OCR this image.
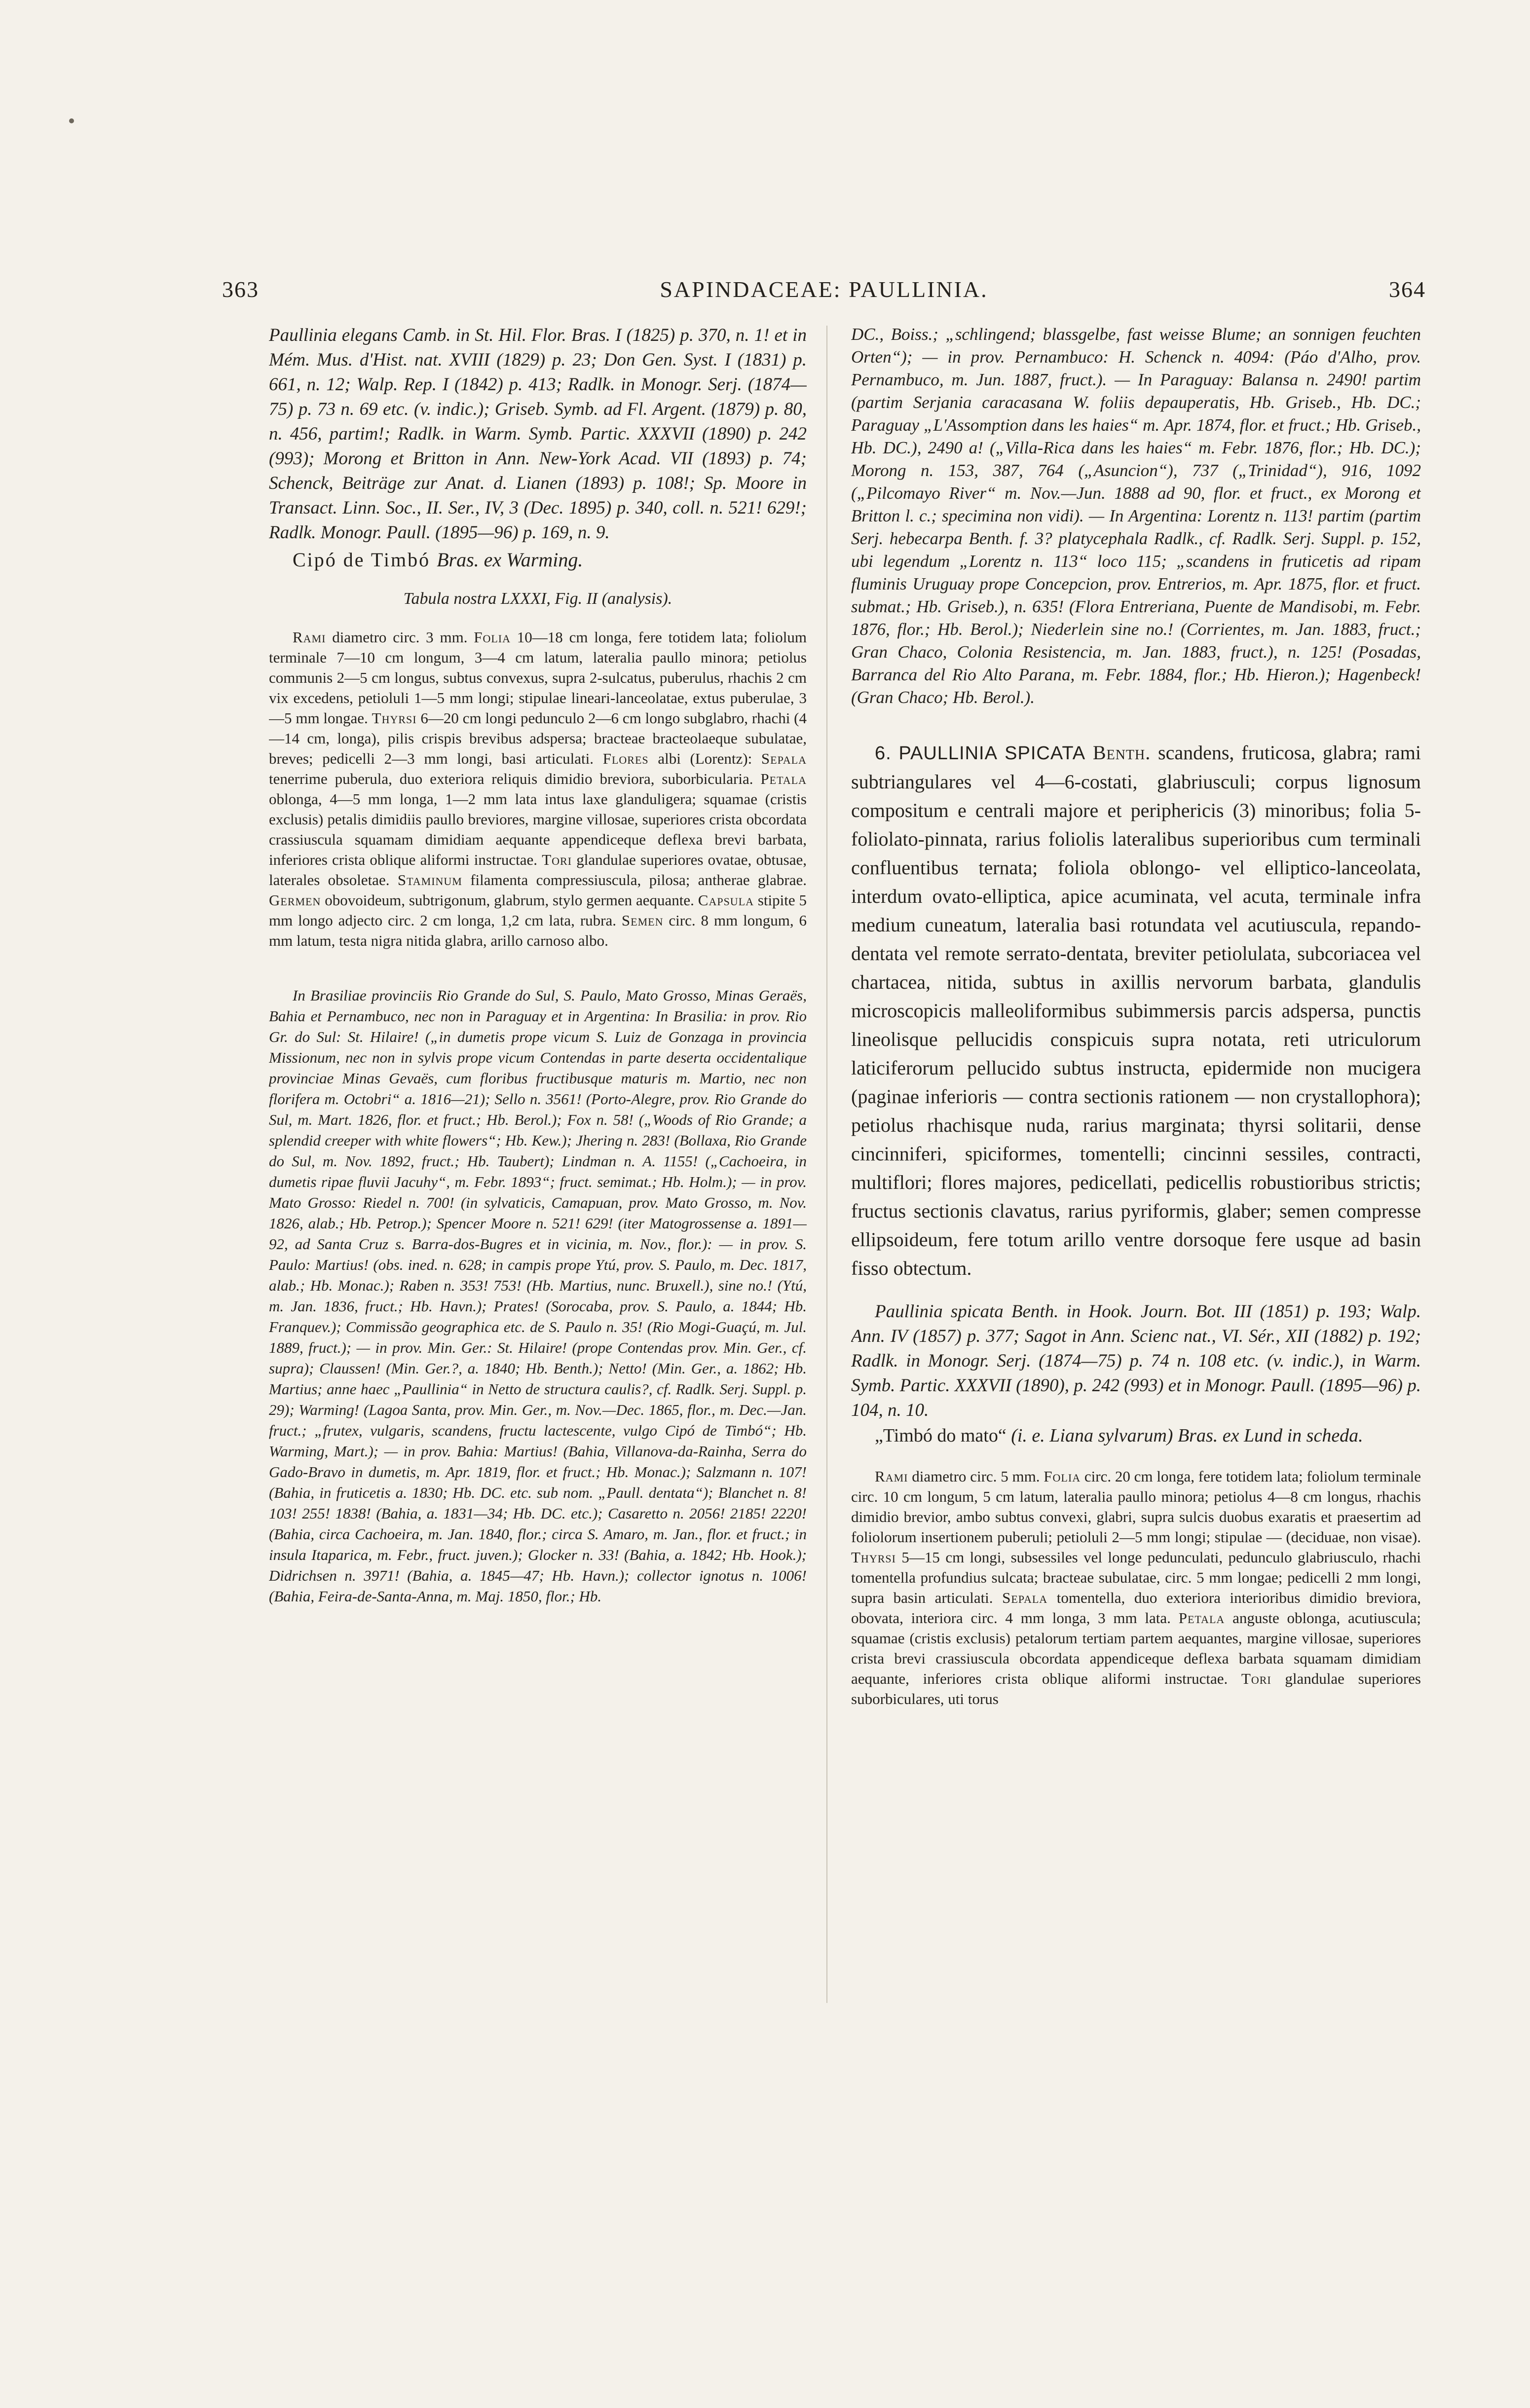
363	SAPINDACEAE: PAULLINIA.	364

Paullinia elegans Camb. in St. Hil. Flor. Bras. I (1825) p. 370, n. 1! et in Mém. Mus. d'Hist. nat. XVIII (1829) p. 23; Don Gen. Syst. I (1831) p. 661, n. 12; Walp. Rep. I (1842) p. 413; Radlk. in Monogr. Serj. (1874—75) p. 73 n. 69 etc. (v. indic.); Griseb. Symb. ad Fl. Argent. (1879) p. 80, n. 456, partim!; Radlk. in Warm. Symb. Partic. XXXVII (1890) p. 242 (993); Morong et Britton in Ann. New-York Acad. VII (1893) p. 74; Schenck, Beiträge zur Anat. d. Lianen (1893) p. 108!; Sp. Moore in Transact. Linn. Soc., II. Ser., IV, 3 (Dec. 1895) p. 340, coll. n. 521! 629!; Radlk. Monogr. Paull. (1895—96) p. 169, n. 9.

Cipó de Timbó Bras. ex Warming.

Tabula nostra LXXXI, Fig. II (analysis).

Rami diametro circ. 3 mm. Folia 10—18 cm longa, fere totidem lata; foliolum terminale 7—10 cm longum, 3—4 cm latum, lateralia paullo minora; petiolus communis 2—5 cm longus, subtus convexus, supra 2-sulcatus, puberulus, rhachis 2 cm vix excedens, petioluli 1—5 mm longi; stipulae lineari-lanceolatae, extus puberulae, 3—5 mm longae. Thyrsi 6—20 cm longi pedunculo 2—6 cm longo subglabro, rhachi (4—14 cm, longa), pilis crispis brevibus adspersa; bracteae bracteolaeque subulatae, breves; pedicelli 2—3 mm longi, basi articulati. Flores albi (Lorentz): Sepala tenerrime puberula, duo exteriora reliquis dimidio breviora, suborbicularia. Petala oblonga, 4—5 mm longa, 1—2 mm lata intus laxe glanduligera; squamae (cristis exclusis) petalis dimidiis paullo breviores, margine villosae, superiores crista obcordata crassiuscula squamam dimidiam aequante appendiceque deflexa brevi barbata, inferiores crista oblique aliformi instructae. Tori glandulae superiores ovatae, obtusae, laterales obsoletae. Staminum filamenta compressiuscula, pilosa; antherae glabrae. Germen obovoideum, subtrigonum, glabrum, stylo germen aequante. Capsula stipite 5 mm longo adjecto circ. 2 cm longa, 1,2 cm lata, rubra. Semen circ. 8 mm longum, 6 mm latum, testa nigra nitida glabra, arillo carnoso albo.

In Brasiliae provinciis Rio Grande do Sul, S. Paulo, Mato Grosso, Minas Geraës, Bahia et Pernambuco, nec non in Paraguay et in Argentina: In Brasilia: in prov. Rio Gr. do Sul: St. Hilaire! („in dumetis prope vicum S. Luiz de Gonzaga in provincia Missionum, nec non in sylvis prope vicum Contendas in parte deserta occidentalique provinciae Minas Gevaës, cum floribus fructibusque maturis m. Martio, nec non florifera m. Octobri“ a. 1816—21); Sello n. 3561! (Porto-Alegre, prov. Rio Grande do Sul, m. Mart. 1826, flor. et fruct.; Hb. Berol.); Fox n. 58! („Woods of Rio Grande; a splendid creeper with white flowers“; Hb. Kew.); Jhering n. 283! (Bollaxa, Rio Grande do Sul, m. Nov. 1892, fruct.; Hb. Taubert); Lindman n. A. 1155! („Cachoeira, in dumetis ripae fluvii Jacuhy“, m. Febr. 1893“; fruct. semimat.; Hb. Holm.); — in prov. Mato Grosso: Riedel n. 700! (in sylvaticis, Camapuan, prov. Mato Grosso, m. Nov. 1826, alab.; Hb. Petrop.); Spencer Moore n. 521! 629! (iter Matogrossense a. 1891—92, ad Santa Cruz s. Barra-dos-Bugres et in vicinia, m. Nov., flor.): — in prov. S. Paulo: Martius! (obs. ined. n. 628; in campis prope Ytú, prov. S. Paulo, m. Dec. 1817, alab.; Hb. Monac.); Raben n. 353! 753! (Hb. Martius, nunc. Bruxell.), sine no.! (Ytú, m. Jan. 1836, fruct.; Hb. Havn.); Prates! (Sorocaba, prov. S. Paulo, a. 1844; Hb. Franquev.); Commissão geographica etc. de S. Paulo n. 35! (Rio Mogi-Guaçú, m. Jul. 1889, fruct.); — in prov. Min. Ger.: St. Hilaire! (prope Contendas prov. Min. Ger., cf. supra); Claussen! (Min. Ger.?, a. 1840; Hb. Benth.); Netto! (Min. Ger., a. 1862; Hb. Martius; anne haec „Paullinia“ in Netto de structura caulis?, cf. Radlk. Serj. Suppl. p. 29); Warming! (Lagoa Santa, prov. Min. Ger., m. Nov.—Dec. 1865, flor., m. Dec.—Jan. fruct.; „frutex, vulgaris, scandens, fructu lactescente, vulgo Cipó de Timbó“; Hb. Warming, Mart.); — in prov. Bahia: Martius! (Bahia, Villanova-da-Rainha, Serra do Gado-Bravo in dumetis, m. Apr. 1819, flor. et fruct.; Hb. Monac.); Salzmann n. 107! (Bahia, in fruticetis a. 1830; Hb. DC. etc. sub nom. „Paull. dentata“); Blanchet n. 8! 103! 255! 1838! (Bahia, a. 1831—34; Hb. DC. etc.); Casaretto n. 2056! 2185! 2220! (Bahia, circa Cachoeira, m. Jan. 1840, flor.; circa S. Amaro, m. Jan., flor. et fruct.; in insula Itaparica, m. Febr., fruct. juven.); Glocker n. 33! (Bahia, a. 1842; Hb. Hook.); Didrichsen n. 3971! (Bahia, a. 1845—47; Hb. Havn.); collector ignotus n. 1006! (Bahia, Feira-de-Santa-Anna, m. Maj. 1850, flor.; Hb.

DC., Boiss.; „schlingend; blassgelbe, fast weisse Blume; an sonnigen feuchten Orten“); — in prov. Pernambuco: H. Schenck n. 4094: (Páo d'Alho, prov. Pernambuco, m. Jun. 1887, fruct.). — In Paraguay: Balansa n. 2490! partim (partim Serjania caracasana W. foliis depauperatis, Hb. Griseb., Hb. DC.; Paraguay „L'Assomption dans les haies“ m. Apr. 1874, flor. et fruct.; Hb. Griseb., Hb. DC.), 2490 a! („Villa-Rica dans les haies“ m. Febr. 1876, flor.; Hb. DC.); Morong n. 153, 387, 764 („Asuncion“), 737 („Trinidad“), 916, 1092 („Pilcomayo River“ m. Nov.—Jun. 1888 ad 90, flor. et fruct., ex Morong et Britton l. c.; specimina non vidi). — In Argentina: Lorentz n. 113! partim (partim Serj. hebecarpa Benth. f. 3? platycephala Radlk., cf. Radlk. Serj. Suppl. p. 152, ubi legendum „Lorentz n. 113“ loco 115; „scandens in fruticetis ad ripam fluminis Uruguay prope Concepcion, prov. Entrerios, m. Apr. 1875, flor. et fruct. submat.; Hb. Griseb.), n. 635! (Flora Entreriana, Puente de Mandisobi, m. Febr. 1876, flor.; Hb. Berol.); Niederlein sine no.! (Corrientes, m. Jan. 1883, fruct.; Gran Chaco, Colonia Resistencia, m. Jan. 1883, fruct.), n. 125! (Posadas, Barranca del Rio Alto Parana, m. Febr. 1884, flor.; Hb. Hieron.); Hagenbeck! (Gran Chaco; Hb. Berol.).

6. PAULLINIA SPICATA Benth. scandens, fruticosa, glabra; rami subtriangulares vel 4—6-costati, glabriusculi; corpus lignosum compositum e centrali majore et periphericis (3) minoribus; folia 5-foliolato-pinnata, rarius foliolis lateralibus superioribus cum terminali confluentibus ternata; foliola oblongo- vel elliptico-lanceolata, interdum ovato-elliptica, apice acuminata, vel acuta, terminale infra medium cuneatum, lateralia basi rotundata vel acutiuscula, repando-dentata vel remote serrato-dentata, breviter petiolulata, subcoriacea vel chartacea, nitida, subtus in axillis nervorum barbata, glandulis microscopicis malleoliformibus subimmersis parcis adspersa, punctis lineolisque pellucidis conspicuis supra notata, reti utriculorum laticiferorum pellucido subtus instructa, epidermide non mucigera (paginae inferioris — contra sectionis rationem — non crystallophora); petiolus rhachisque nuda, rarius marginata; thyrsi solitarii, dense cincinniferi, spiciformes, tomentelli; cincinni sessiles, contracti, multiflori; flores majores, pedicellati, pedicellis robustioribus strictis; fructus sectionis clavatus, rarius pyriformis, glaber; semen compresse ellipsoideum, fere totum arillo ventre dorsoque fere usque ad basin fisso obtectum.

Paullinia spicata Benth. in Hook. Journ. Bot. III (1851) p. 193; Walp. Ann. IV (1857) p. 377; Sagot in Ann. Scienc nat., VI. Sér., XII (1882) p. 192; Radlk. in Monogr. Serj. (1874—75) p. 74 n. 108 etc. (v. indic.), in Warm. Symb. Partic. XXXVII (1890), p. 242 (993) et in Monogr. Paull. (1895—96) p. 104, n. 10.

„Timbó do mato“ (i. e. Liana sylvarum) Bras. ex Lund in scheda.

Rami diametro circ. 5 mm. Folia circ. 20 cm longa, fere totidem lata; foliolum terminale circ. 10 cm longum, 5 cm latum, lateralia paullo minora; petiolus 4—8 cm longus, rhachis dimidio brevior, ambo subtus convexi, glabri, supra sulcis duobus exaratis et praesertim ad foliolorum insertionem puberuli; petioluli 2—5 mm longi; stipulae — (deciduae, non visae). Thyrsi 5—15 cm longi, subsessiles vel longe pedunculati, pedunculo glabriusculo, rhachi tomentella profundius sulcata; bracteae subulatae, circ. 5 mm longae; pedicelli 2 mm longi, supra basin articulati. Sepala tomentella, duo exteriora interioribus dimidio breviora, obovata, interiora circ. 4 mm longa, 3 mm lata. Petala anguste oblonga, acutiuscula; squamae (cristis exclusis) petalorum tertiam partem aequantes, margine villosae, superiores crista brevi crassiuscula obcordata appendiceque deflexa barbata squamam dimidiam aequante, inferiores crista oblique aliformi instructae. Tori glandulae superiores suborbiculares, uti torus
